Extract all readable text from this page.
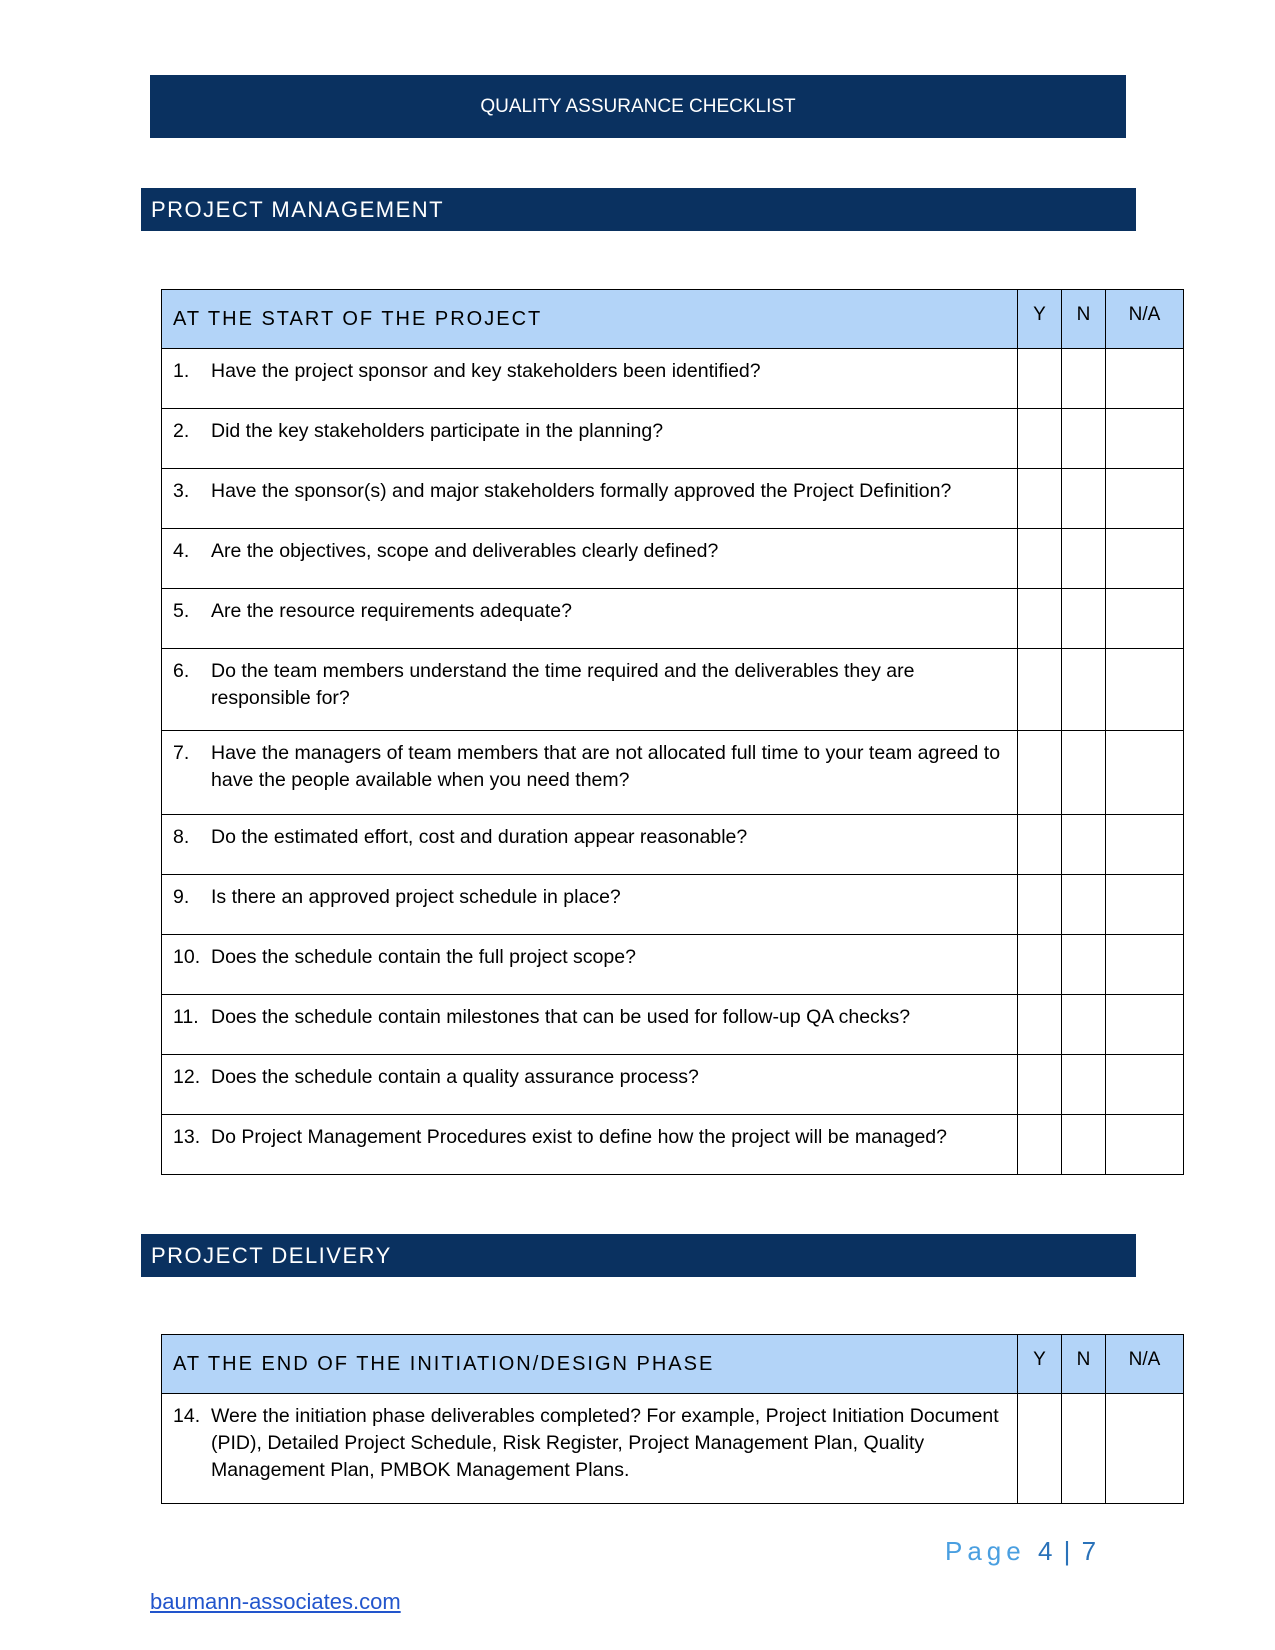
QUALITY ASSURANCE CHECKLIST
PROJECT MANAGEMENT
AT THE START OF THE PROJECT	Y	N	N/A

1. Have the project sponsor and key stakeholders been identified?			

2. Did the key stakeholders participate in the planning?			

3. Have the sponsor(s) and major stakeholders formally approved the Project Definition?			

4. Are the objectives, scope and deliverables clearly defined?			

5. Are the resource requirements adequate?			

6. Do the team members understand the time required and the deliverables they are responsible for?			

7. Have the managers of team members that are not allocated full time to your team agreed to have the people available when you need them?			

8. Do the estimated effort, cost and duration appear reasonable?			

9. Is there an approved project schedule in place?			

10. Does the schedule contain the full project scope?			

11. Does the schedule contain milestones that can be used for follow-up QA checks?			

12. Does the schedule contain a quality assurance process?			

13. Do Project Management Procedures exist to define how the project will be managed?			

PROJECT DELIVERY
AT THE END OF THE INITIATION/DESIGN PHASE	Y	N	N/A

14. Were the initiation phase deliverables completed? For example, Project Initiation Document (PID), Detailed Project Schedule, Risk Register, Project Management Plan, Quality Management Plan, PMBOK Management Plans.			

Page 4 | 7
baumann-associates.com
